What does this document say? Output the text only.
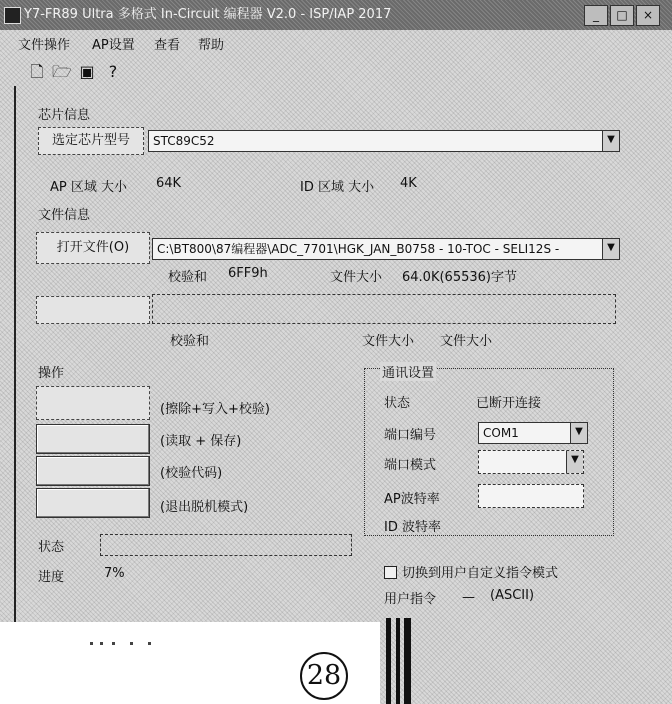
Y7-FR89 Ultra 多格式 In-Circuit 编程器 V2.0 - ISP/IAP 2017	_	□	×
文件操作 AP设置 查看 帮助
🗋 🗁 ▣ ?
芯片信息
选定芯片型号	STC89C52	▼
AP 区域 大小 64K	ID 区域 大小 4K
文件信息
打开文件(O)	C:\BT800\87编程器\ADC_7701\HGK_JAN_B0758 - 10-TOC - SELI12S -	▼
校验和 6FF9h	文件大小 64.0K(65536)字节
校验和	文件大小 文件大小
操作
(擦除+写入+校验)
(读取 + 保存)
(校验代码)
(退出脱机模式)
通讯设置
状态	已断开连接
端口编号	COM1	▼
端口模式	▼
AP波特率
ID 波特率
切换到用户自定义指令模式
用户指令 — (ASCII)
状态
进度	7%
28
